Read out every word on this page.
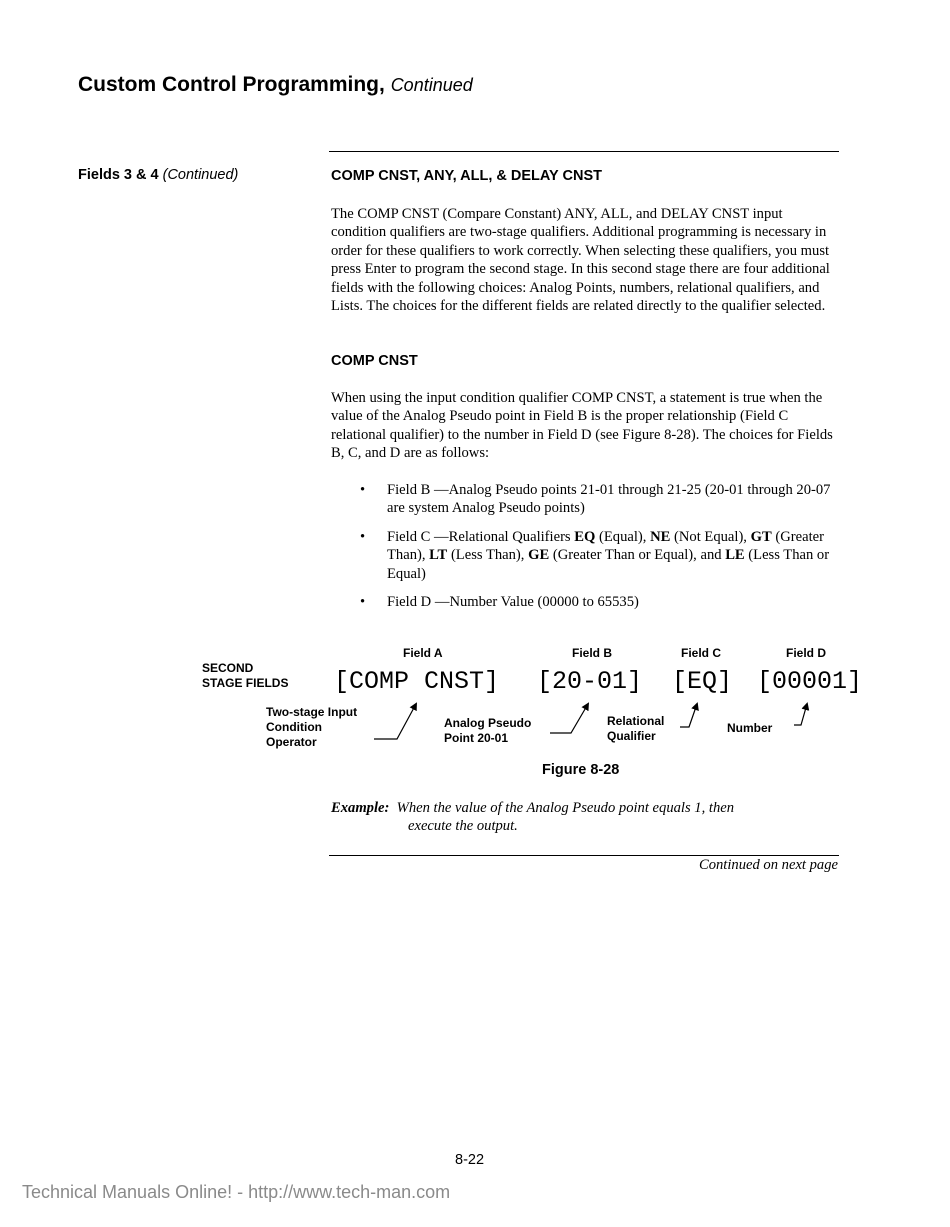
Custom Control Programming, Continued
Fields 3 & 4 (Continued)	COMP CNST, ANY, ALL, & DELAY CNST
The COMP CNST (Compare Constant) ANY, ALL, and DELAY CNST input condition qualifiers are two-stage qualifiers. Additional programming is necessary in order for these qualifiers to work correctly. When selecting these qualifiers, you must press Enter to program the second stage. In this second stage there are four additional fields with the following choices: Analog Points, numbers, relational qualifiers, and Lists. The choices for the different fields are related directly to the qualifier selected.
COMP CNST
When using the input condition qualifier COMP CNST, a statement is true when the value of the Analog Pseudo point in Field B is the proper relationship (Field C relational qualifier) to the number in Field D (see Figure 8-28). The choices for Fields B, C, and D are as follows:
• Field B —Analog Pseudo points 21-01 through 21-25 (20-01 through 20-07 are system Analog Pseudo points)
• Field C —Relational Qualifiers EQ (Equal), NE (Not Equal), GT (Greater Than), LT (Less Than), GE (Greater Than or Equal), and LE (Less Than or Equal)
• Field D —Number Value (00000 to 65535)
SECOND
STAGE FIELDS
Field A	Field B	Field C	Field D
[COMP CNST] [20-01] [EQ] [00001]
Two-stage Input
Condition
Operator
Analog Pseudo
Point 20-01
Relational
Qualifier
Number
Figure 8-28
Example: When the value of the Analog Pseudo point equals 1, then
execute the output.
Continued on next page
8-22
Technical Manuals Online! - http://www.tech-man.com
